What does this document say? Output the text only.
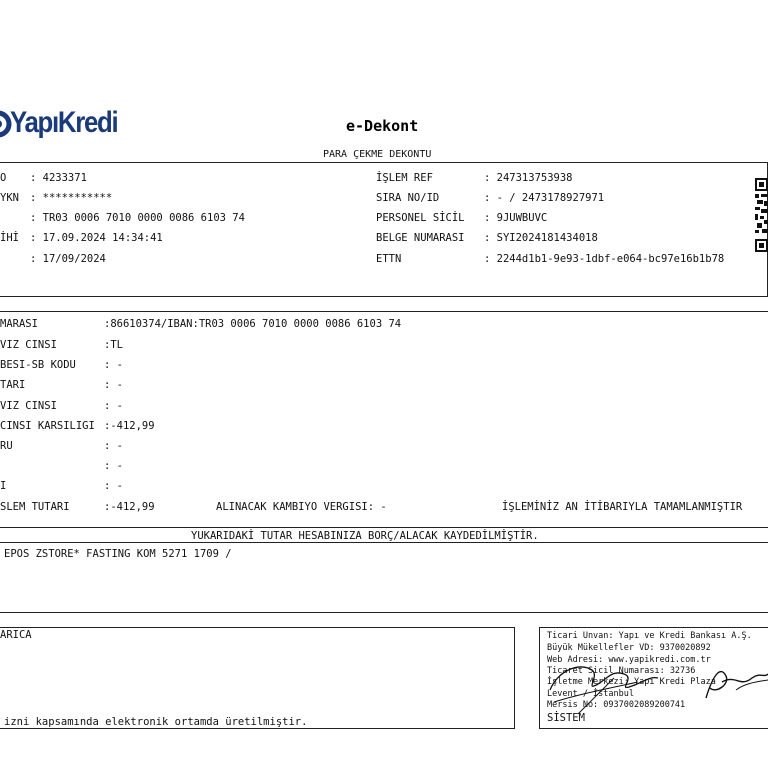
YapıKredi	e-Dekont
PARA ÇEKME DEKONTU
O : 4233371
YKN : ***********
: TR03 0006 7010 0000 0086 6103 74
İHİ : 17.09.2024 14:34:41
: 17/09/2024
İŞLEM REF	: 247313753938
SIRA NO/ID	: - / 2473178927971
PERSONEL SİCİL : 9JUWBUVC
BELGE NUMARASI : SYI2024181434018
ETTN	: 2244d1b1-9e93-1dbf-e064-bc97e16b1b78
MARASI	:86610374/IBAN:TR03 0006 7010 0000 0086 6103 74
VIZ CINSI	:TL
BESI-SB KODU	: -
TARI	: -
VIZ CINSI	: -
CINSI KARSILIGI :-412,99
RU	: -
: -
I	: -
SLEM TUTARI	:-412,99	ALINACAK KAMBIYO VERGISI: -	İŞLEMİNİZ AN İTİBARIYLA TAMAMLANMIŞTIR
YUKARIDAKİ TUTAR HESABINIZA BORÇ/ALACAK KAYDEDİLMİŞTİR.
EPOS ZSTORE* FASTING KOM 5271 1709 /
ARICA
izni kapsamında elektronik ortamda üretilmiştir.
Ticari Unvan: Yapı ve Kredi Bankası A.Ş.
Büyük Mükellefler VD: 9370020892
Web Adresi: www.yapikredi.com.tr
Ticaret Sicil Numarası: 32736
İşletme Merkezi: Yapı Kredi Plaza
Levent / İstanbul
Mersis No: 0937002089200741
SİSTEM
